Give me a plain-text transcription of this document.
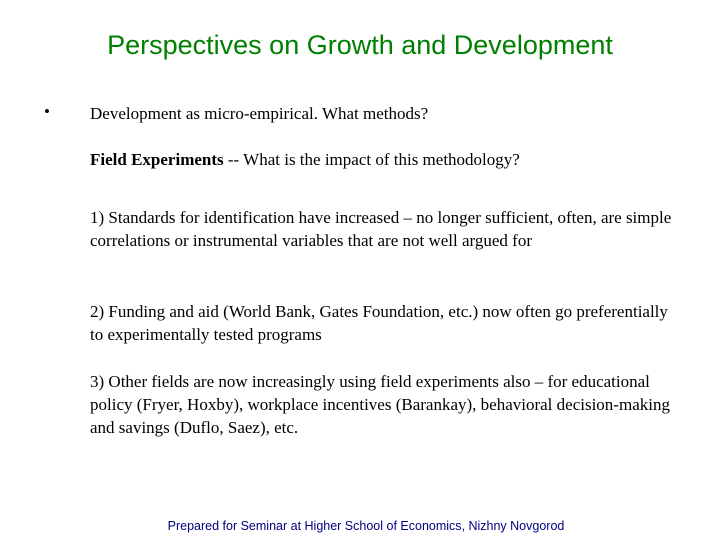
Perspectives on Growth and Development
• Development as micro-empirical. What methods?
Field Experiments -- What is the impact of this methodology?
1) Standards for identification have increased – no longer sufficient, often, are simple correlations or instrumental variables that are not well argued for
2) Funding and aid (World Bank, Gates Foundation, etc.) now often go preferentially to experimentally tested programs
3) Other fields are now increasingly using field experiments also – for educational policy (Fryer, Hoxby), workplace incentives (Barankay), behavioral decision-making and savings (Duflo, Saez), etc.
Prepared for Seminar at Higher School of Economics, Nizhny Novgorod
